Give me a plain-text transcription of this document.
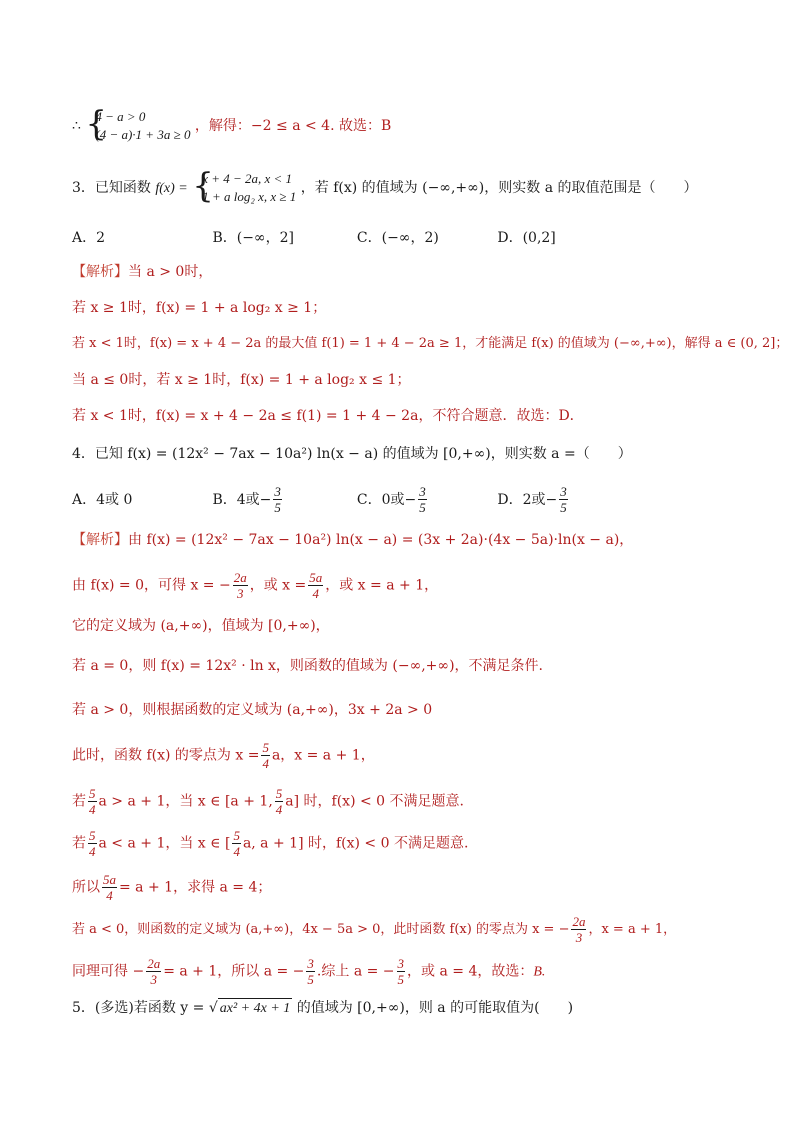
∴ {
4 − a > 0
(4 − a)·1 + 3a ≥ 0
，解得：−2 ≤ a < 4. 故选：B
3．已知函数 f(x) = {
x + 4 − 2a, x < 1
1 + a log₂ x, x ≥ 1
，若 f(x) 的值域为 (−∞,+∞)，则实数 a 的取值范围是（　　）
A．2	B．(−∞，2]	C．(−∞，2)	D．(0,2]
【解析】当 a > 0时，
若 x ≥ 1时，f(x) = 1 + a log₂ x ≥ 1；
若 x < 1时，f(x) = x + 4 − 2a 的最大值 f(1) = 1 + 4 − 2a ≥ 1，才能满足 f(x) 的值域为 (−∞,+∞)，解得 a ∈ (0, 2]；
当 a ≤ 0时，若 x ≥ 1时，f(x) = 1 + a log₂ x ≤ 1；
若 x < 1时，f(x) = x + 4 − 2a ≤ f(1) = 1 + 4 − 2a，不符合题意．故选：D．
4．已知 f(x) = (12x² − 7ax − 10a²) ln(x − a) 的值域为 [0,+∞)，则实数 a =（　　）
A．4或 0	B．4或− $\frac{3}{5}$	C．0或− $\frac{3}{5}$	D．2或− $\frac{3}{5}$
【解析】由 f(x) = (12x² − 7ax − 10a²) ln(x − a) = (3x + 2a)·(4x − 5a)·ln(x − a)，
由 f(x) = 0，可得 x = − $\frac{2a}{3}$ ，或 $x = \frac{5a}{4}$ ，或 x = a + 1，
它的定义域为 (a,+∞)，值域为 [0,+∞)，
若 a = 0，则 f(x) = 12x² · ln x，则函数的值域为 (−∞,+∞)，不满足条件.
若 a > 0，则根据函数的定义域为 (a,+∞)，3x + 2a > 0
此时，函数 f(x) 的零点为 $x = \frac{5}{4}$ a，x = a + 1，
若 $\frac{5}{4}$ a > a + 1，当 x ∈ [a + 1, $\frac{5}{4} a$] 时，f(x) < 0 不满足题意.
若 $\frac{5}{4}$ a < a + 1，当 x ∈ [ $\frac{5}{4} a$, a + 1] 时，f(x) < 0 不满足题意.
所以 $\frac{5a}{4} = a + 1$，求得 a = 4；
若 a < 0，则函数的定义域为 (a,+∞)，4x − 5a > 0，此时函数 f(x) 的零点为 x = − $\frac{2a}{3}$ ，x = a + 1，
同理可得 − $\frac{2a}{3} = a + 1$，所以 a = − $\frac{3}{5}$ .综上 a = − $\frac{3}{5}$ ，或 a = 4，故选：B.
5．(多选)若函数 y = √ ax² + 4x + 1 的值域为 [0,+∞)，则 a 的可能取值为(　　)
